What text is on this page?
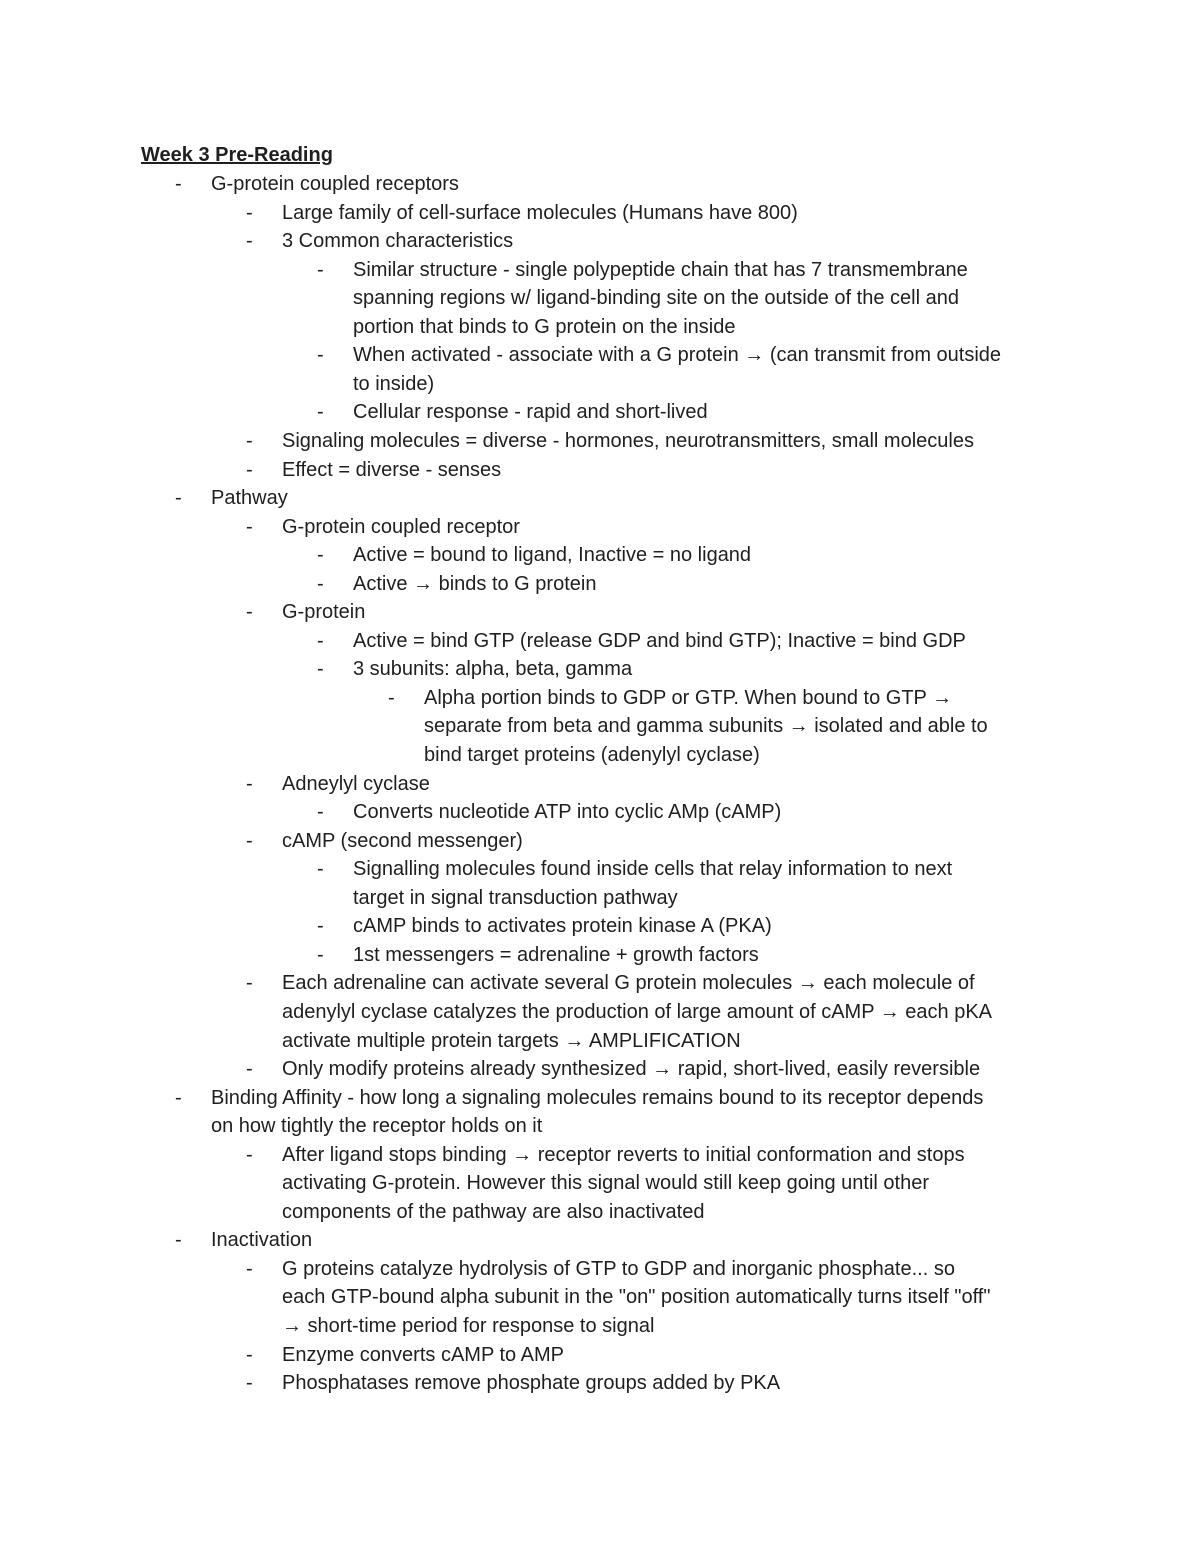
Week 3 Pre-Reading
- G-protein coupled receptors
- Large family of cell-surface molecules (Humans have 800)
- 3 Common characteristics
- Similar structure - single polypeptide chain that has 7 transmembrane
spanning regions w/ ligand-binding site on the outside of the cell and
portion that binds to G protein on the inside
- When activated - associate with a G protein → (can transmit from outside
to inside)
- Cellular response - rapid and short-lived
- Signaling molecules = diverse - hormones, neurotransmitters, small molecules
- Effect = diverse - senses
- Pathway
- G-protein coupled receptor
- Active = bound to ligand, Inactive = no ligand
- Active → binds to G protein
- G-protein
- Active = bind GTP (release GDP and bind GTP); Inactive = bind GDP
- 3 subunits: alpha, beta, gamma
- Alpha portion binds to GDP or GTP. When bound to GTP →
separate from beta and gamma subunits → isolated and able to
bind target proteins (adenylyl cyclase)
- Adneylyl cyclase
- Converts nucleotide ATP into cyclic AMp (cAMP)
- cAMP (second messenger)
- Signalling molecules found inside cells that relay information to next
target in signal transduction pathway
- cAMP binds to activates protein kinase A (PKA)
- 1st messengers = adrenaline + growth factors
- Each adrenaline can activate several G protein molecules → each molecule of
adenylyl cyclase catalyzes the production of large amount of cAMP → each pKA
activate multiple protein targets → AMPLIFICATION
- Only modify proteins already synthesized → rapid, short-lived, easily reversible
- Binding Affinity - how long a signaling molecules remains bound to its receptor depends
on how tightly the receptor holds on it
- After ligand stops binding → receptor reverts to initial conformation and stops
activating G-protein. However this signal would still keep going until other
components of the pathway are also inactivated
- Inactivation
- G proteins catalyze hydrolysis of GTP to GDP and inorganic phosphate... so
each GTP-bound alpha subunit in the "on" position automatically turns itself "off"
→ short-time period for response to signal
- Enzyme converts cAMP to AMP
- Phosphatases remove phosphate groups added by PKA
